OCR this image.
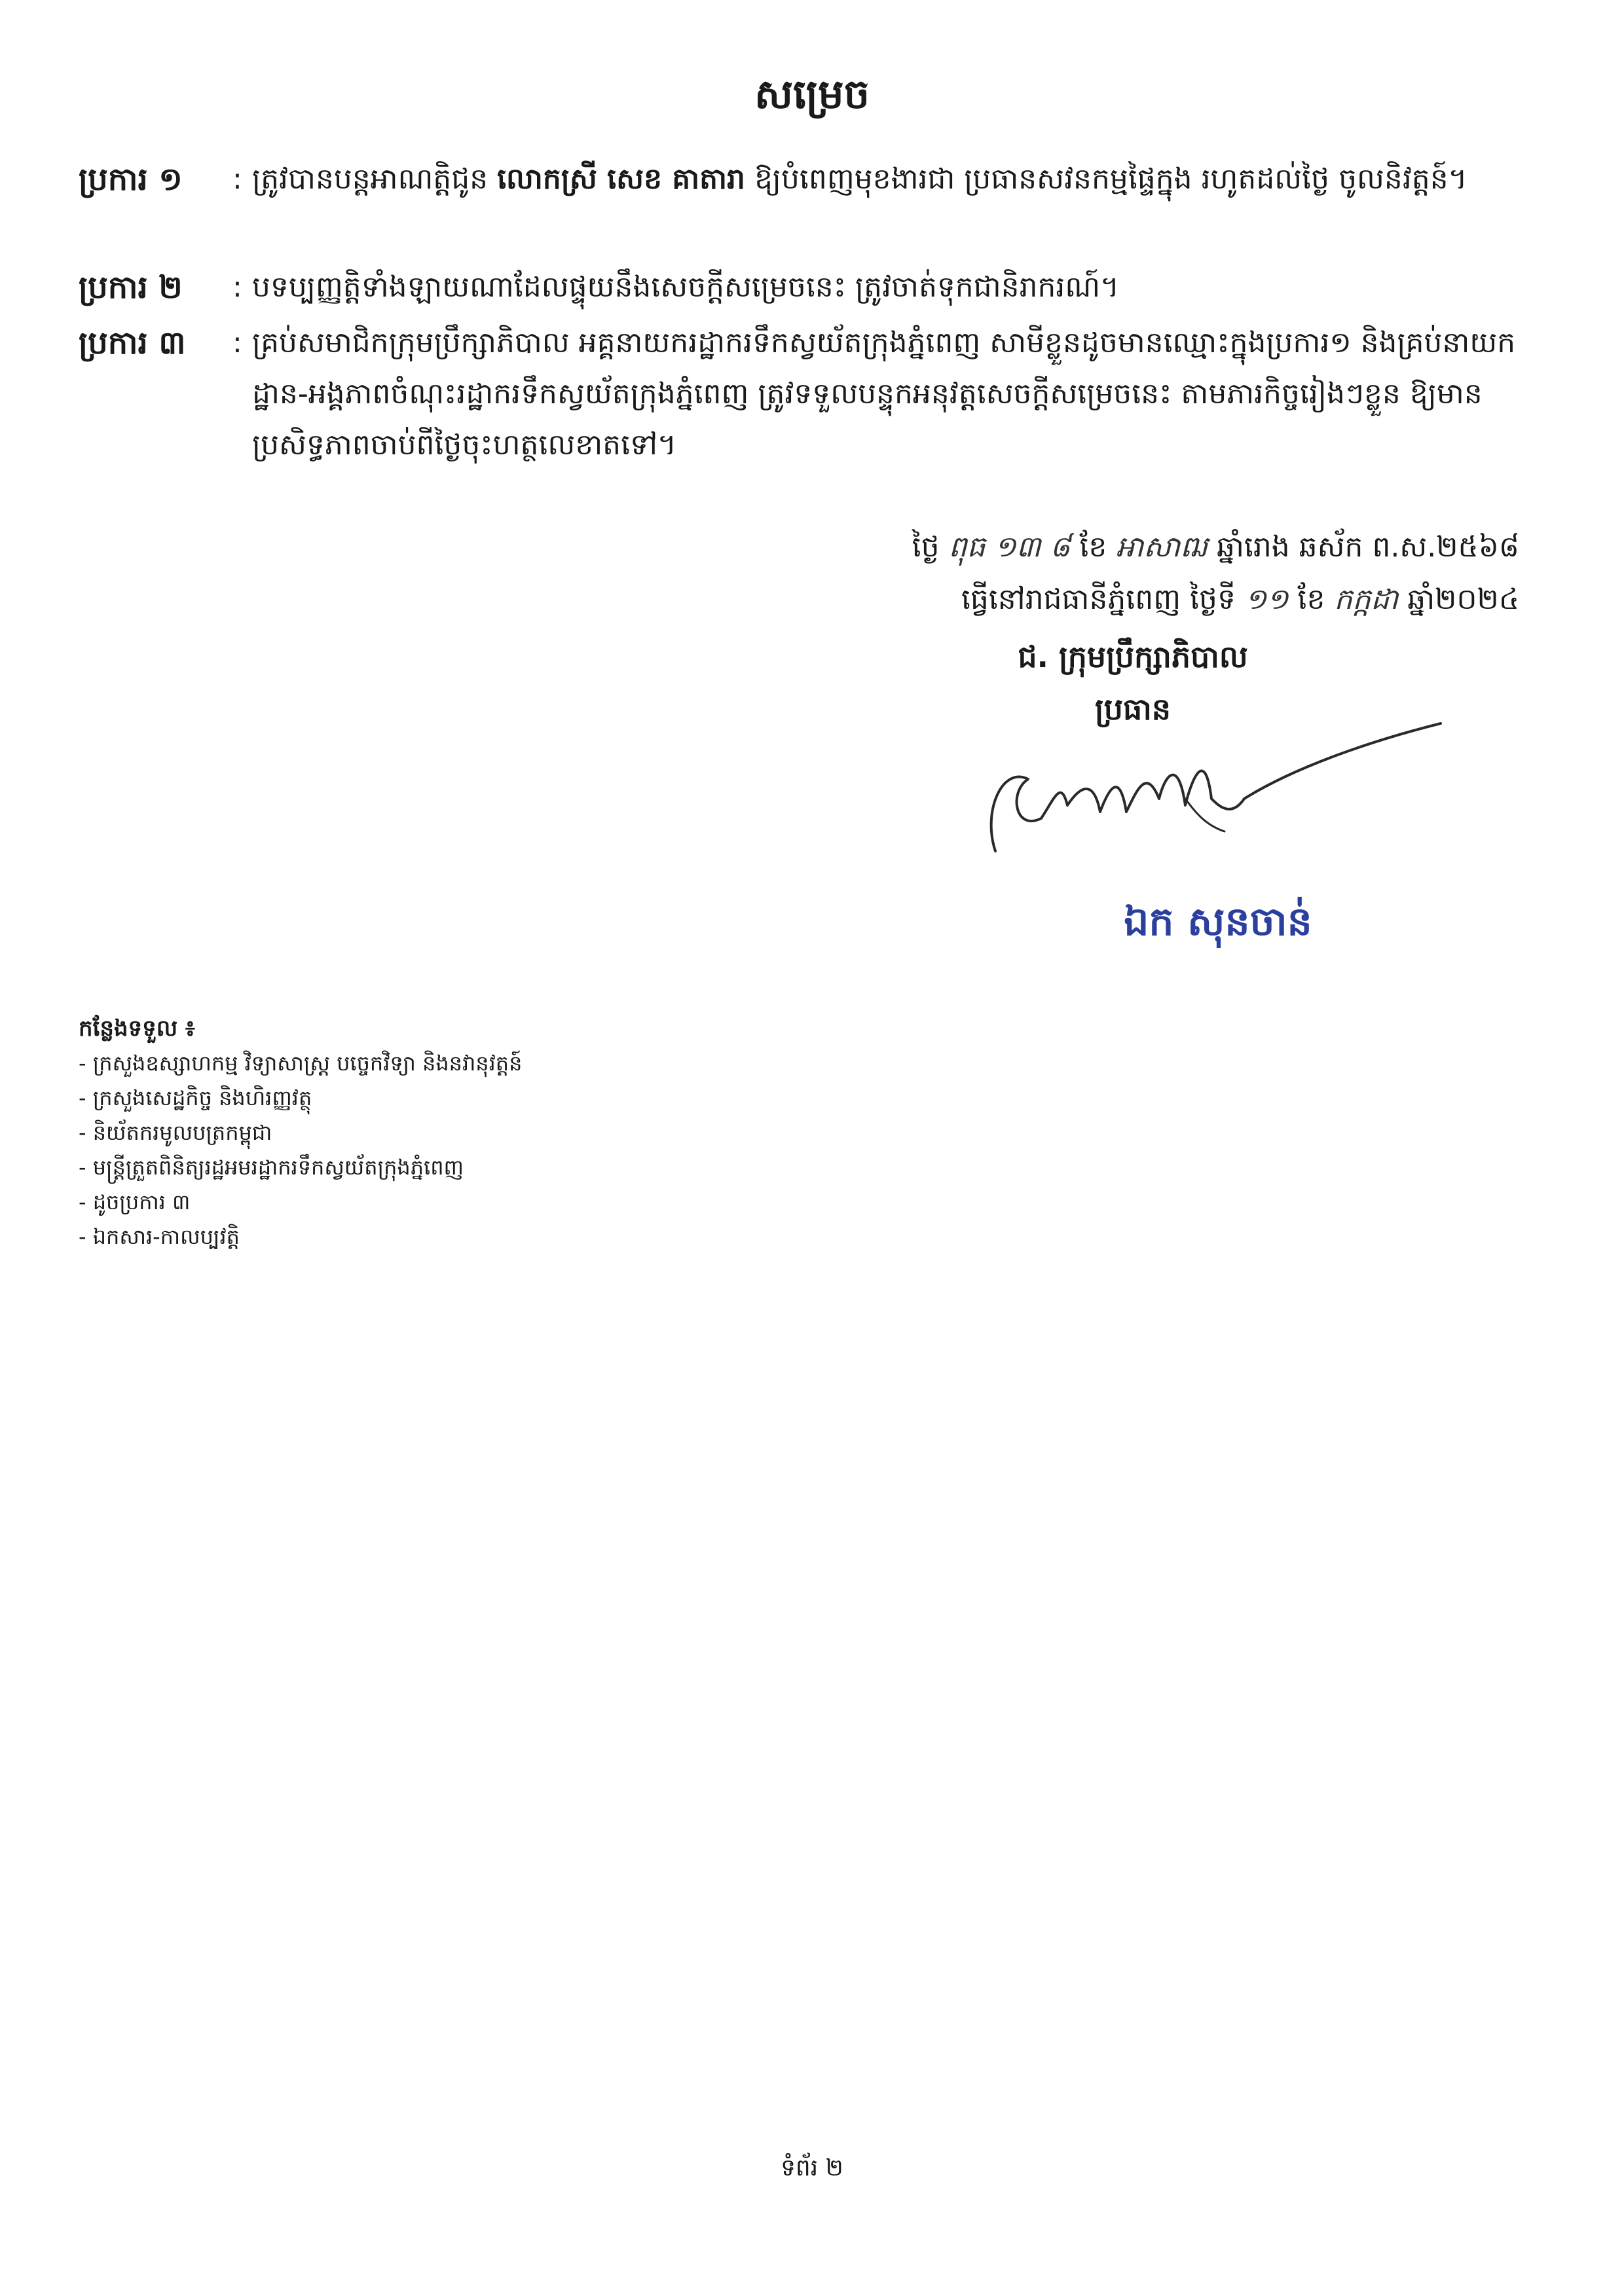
សម្រេច
ប្រការ ១	: ត្រូវបានបន្តអាណត្តិជូន លោកស្រី សេខ គាតារា ឱ្យបំពេញមុខងារជា ប្រធានសវនកម្មផ្ទៃក្នុង រហូតដល់ថ្ងៃ ចូលនិវត្តន៍។
ប្រការ ២	: បទប្បញ្ញត្តិទាំងឡាយណាដែលផ្ទុយនឹងសេចក្តីសម្រេចនេះ ត្រូវចាត់ទុកជានិរាករណ៍។
ប្រការ ៣	: គ្រប់សមាជិកក្រុមប្រឹក្សាភិបាល អគ្គនាយករដ្ឋាករទឹកស្វយ័តក្រុងភ្នំពេញ សាមីខ្លួនដូចមានឈ្មោះក្នុងប្រការ១ និងគ្រប់នាយកដ្ឋាន-អង្គភាពចំណុះរដ្ឋាករទឹកស្វយ័តក្រុងភ្នំពេញ ត្រូវទទួលបន្ទុកអនុវត្តសេចក្តីសម្រេចនេះ តាមភារកិច្ចរៀងៗខ្លួន ឱ្យមានប្រសិទ្ធភាពចាប់ពីថ្ងៃចុះហត្ថលេខាតទៅ។
ថ្ងៃ ពុធ ១៣ ៨ ខែ អាសាឍ ឆ្នាំរោង ឆស័ក ព.ស.២៥៦៨
ធ្វើនៅរាជធានីភ្នំពេញ ថ្ងៃទី ១១ ខែ កក្កដា ឆ្នាំ២០២៤
ជ. ក្រុមប្រឹក្សាភិបាល
ប្រធាន
ឯក សុនចាន់
កន្លែងទទួល ៖
- ក្រសួងឧស្សាហកម្ម វិទ្យាសាស្ត្រ បច្ចេកវិទ្យា និងនវានុវត្តន៍
- ក្រសួងសេដ្ឋកិច្ច និងហិរញ្ញវត្ថុ
- និយ័តករមូលបត្រកម្ពុជា
- មន្ត្រីត្រួតពិនិត្យរដ្ឋអមរដ្ឋាករទឹកស្វយ័តក្រុងភ្នំពេញ
- ដូចប្រការ ៣
- ឯកសារ-កាលប្បវត្តិ
ទំព័រ ២
